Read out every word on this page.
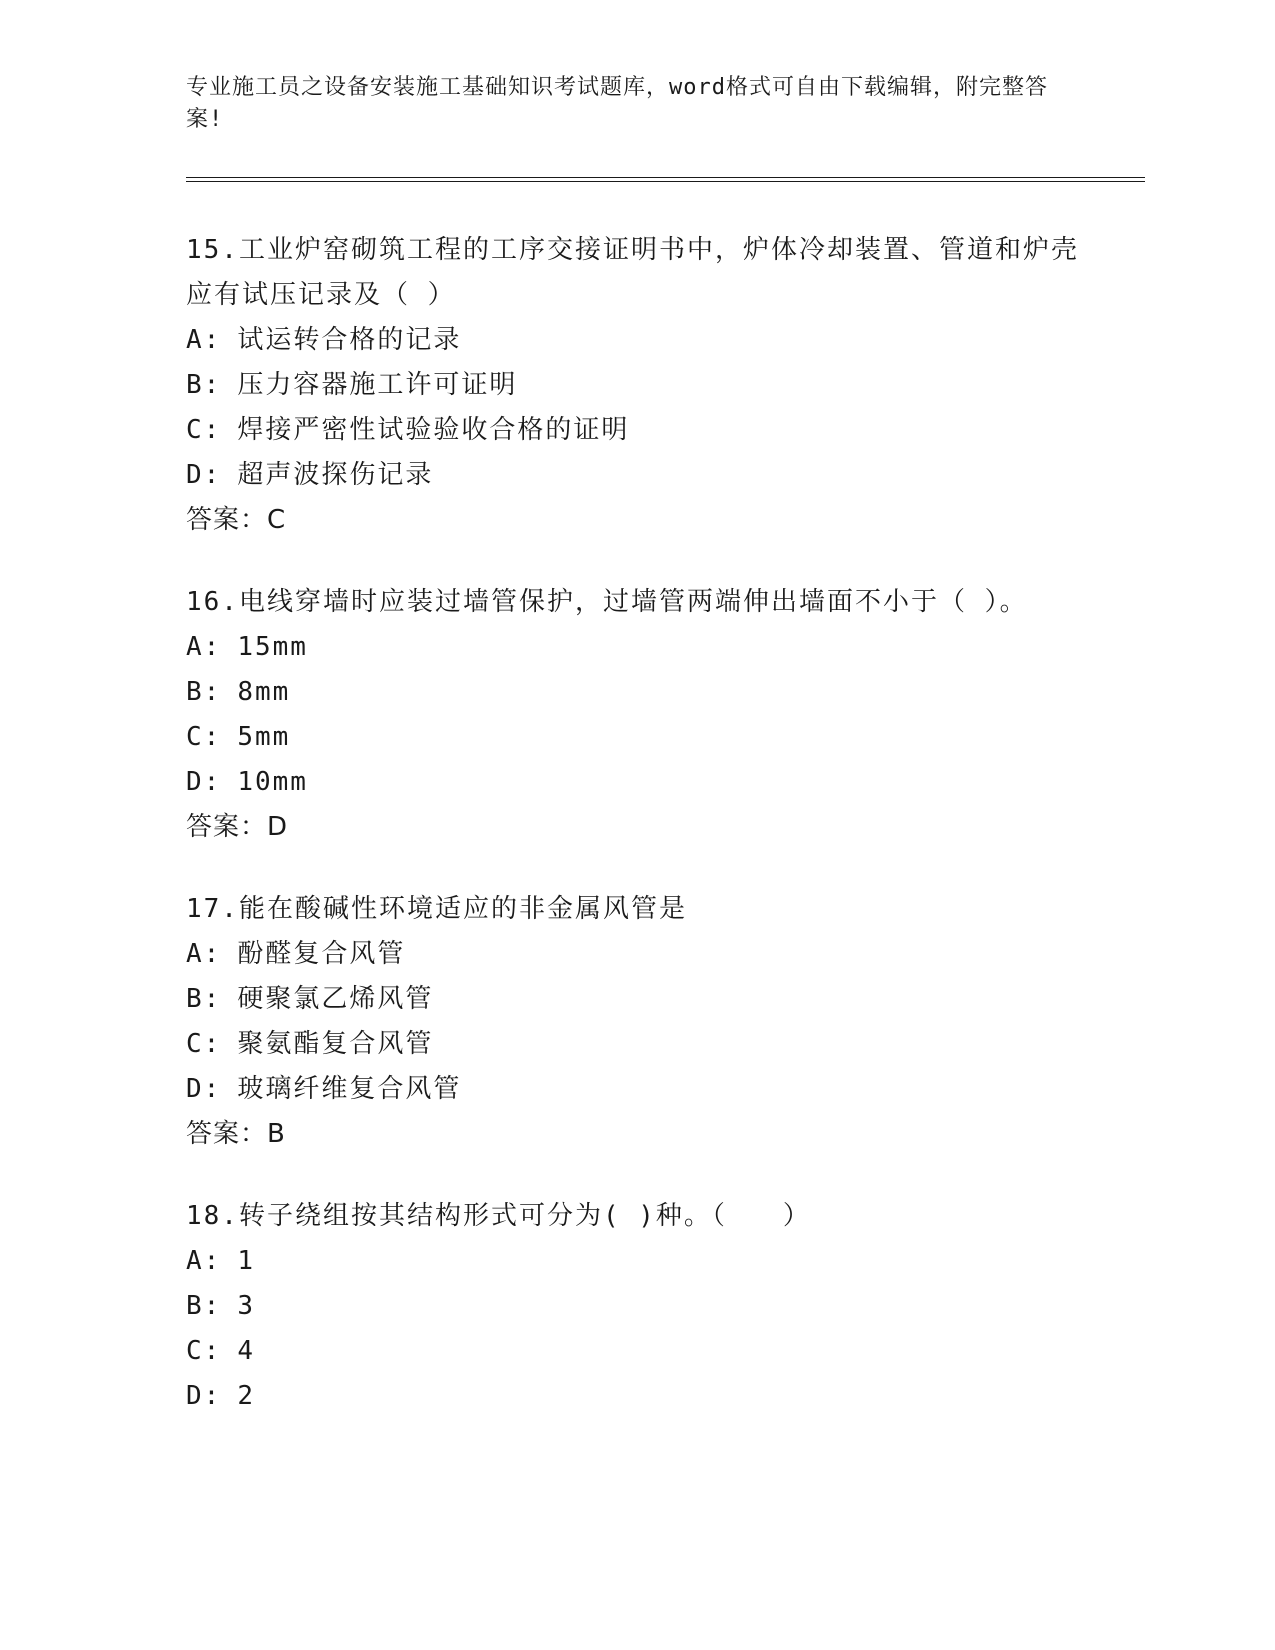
专业施工员之设备安装施工基础知识考试题库，word格式可自由下载编辑，附完整答案!
15.工业炉窑砌筑工程的工序交接证明书中，炉体冷却装置、管道和炉壳应有试压记录及（ ）
A: 试运转合格的记录
B: 压力容器施工许可证明
C: 焊接严密性试验验收合格的证明
D: 超声波探伤记录
答案：C
16.电线穿墙时应装过墙管保护，过墙管两端伸出墙面不小于（ ）。
A: 15mm
B: 8mm
C: 5mm
D: 10mm
答案：D
17.能在酸碱性环境适应的非金属风管是
A: 酚醛复合风管
B: 硬聚氯乙烯风管
C: 聚氨酯复合风管
D: 玻璃纤维复合风管
答案：B
18.转子绕组按其结构形式可分为( )种。（　　）
A: 1
B: 3
C: 4
D: 2
